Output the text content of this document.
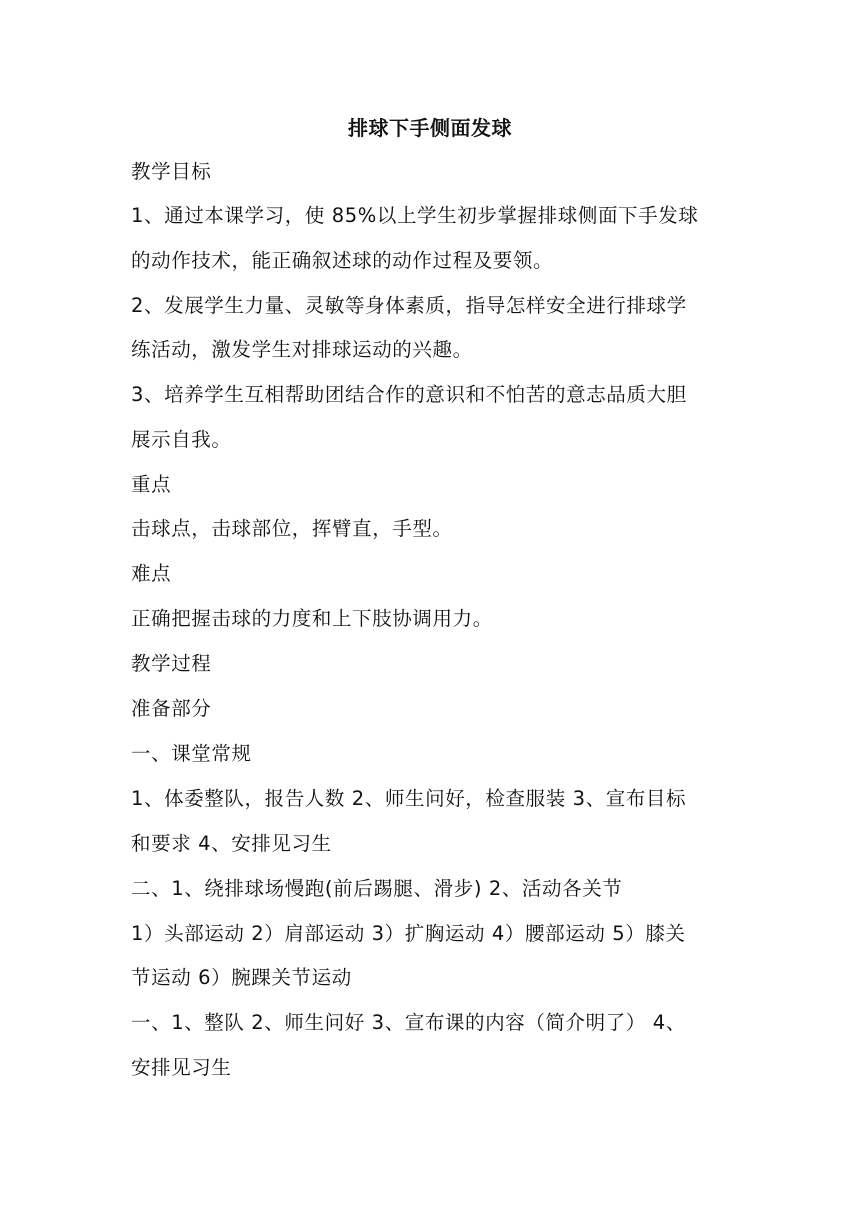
排球下手侧面发球
教学目标
1、通过本课学习，使 85%以上学生初步掌握排球侧面下手发球
的动作技术，能正确叙述球的动作过程及要领。
2、发展学生力量、灵敏等身体素质，指导怎样安全进行排球学
练活动，激发学生对排球运动的兴趣。
3、培养学生互相帮助团结合作的意识和不怕苦的意志品质大胆
展示自我。
重点
击球点，击球部位，挥臂直，手型。
难点
正确把握击球的力度和上下肢协调用力。
教学过程
准备部分
一、课堂常规
1、体委整队，报告人数 2、师生问好，检查服装 3、宣布目标
和要求 4、安排见习生
二、1、绕排球场慢跑(前后踢腿、滑步) 2、活动各关节
1）头部运动 2）肩部运动 3）扩胸运动 4）腰部运动 5）膝关
节运动 6）腕踝关节运动
一、1、整队 2、师生问好 3、宣布课的内容（简介明了） 4、
安排见习生
